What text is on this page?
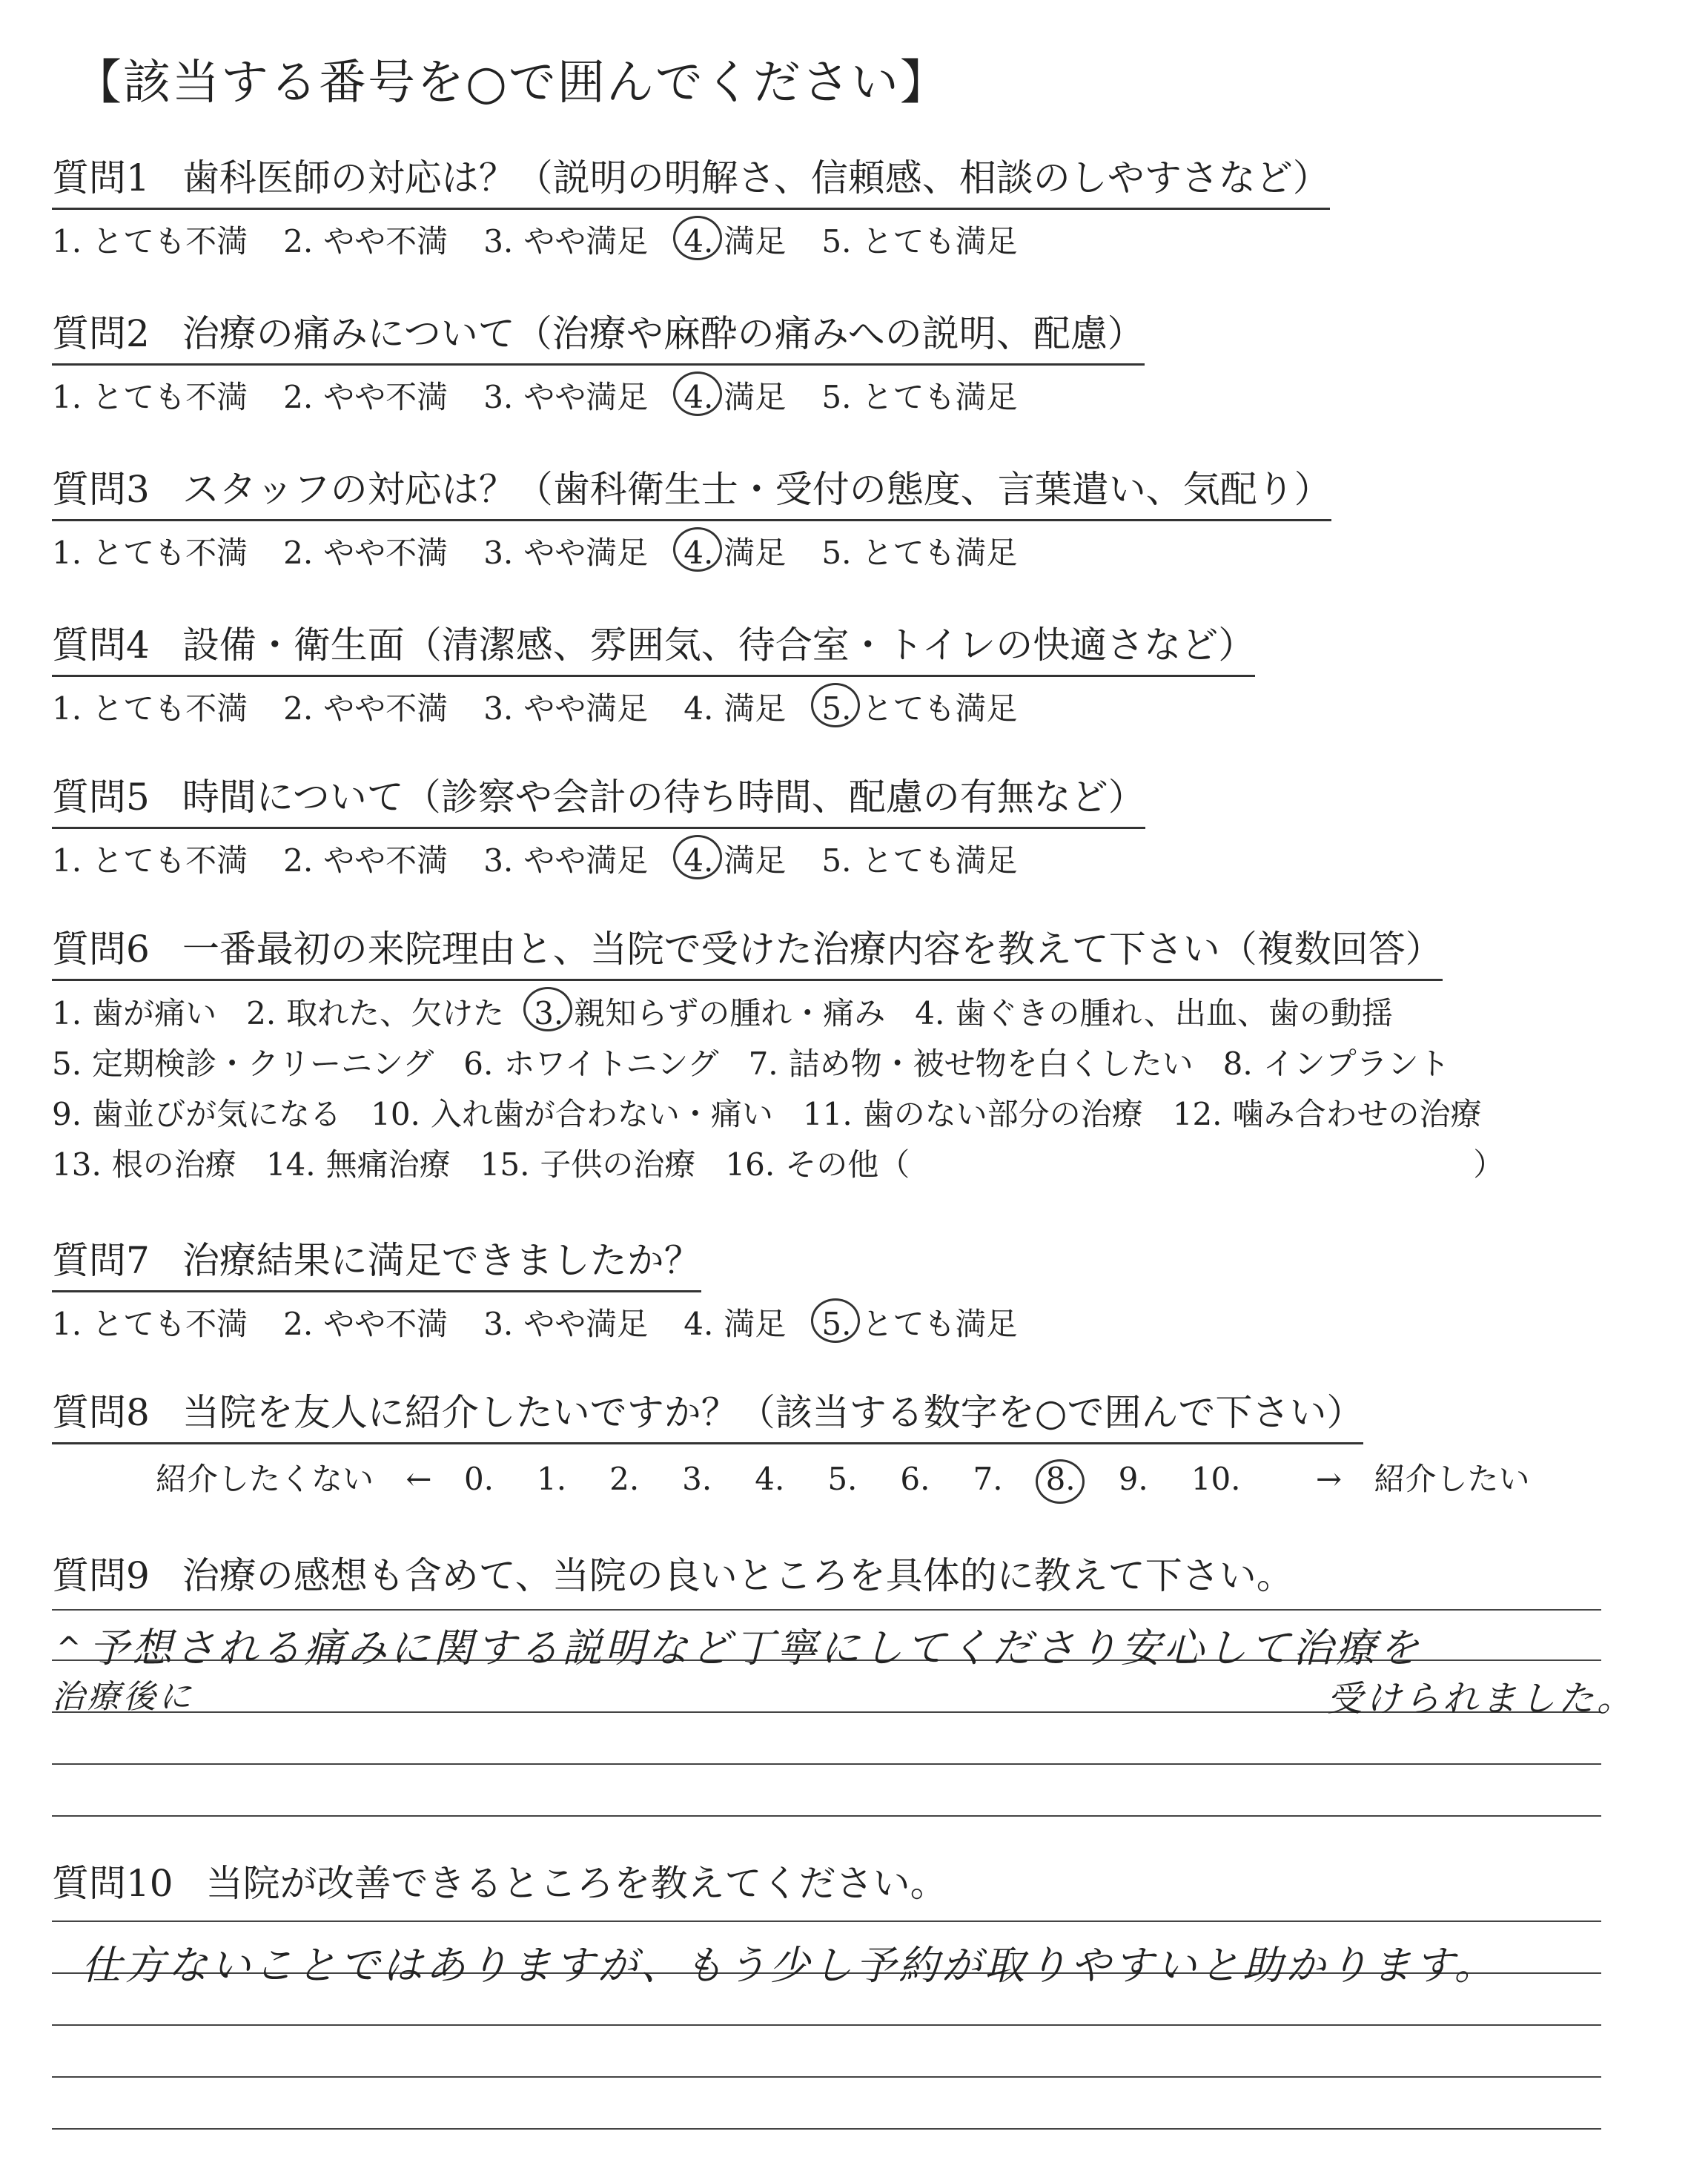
【該当する番号を○で囲んでください】
質問1 歯科医師の対応は？（説明の明解さ、信頼感、相談のしやすさなど）
1. とても不満 2. やや不満 3. やや満足 4. 満足 5. とても満足
質問2 治療の痛みについて（治療や麻酔の痛みへの説明、配慮）
1. とても不満 2. やや不満 3. やや満足 4. 満足 5. とても満足
質問3 スタッフの対応は？（歯科衛生士・受付の態度、言葉遣い、気配り）
1. とても不満 2. やや不満 3. やや満足 4. 満足 5. とても満足
質問4 設備・衛生面（清潔感、雰囲気、待合室・トイレの快適さなど）
1. とても不満 2. やや不満 3. やや満足 4. 満足 5. とても満足
質問5 時間について（診察や会計の待ち時間、配慮の有無など）
1. とても不満 2. やや不満 3. やや満足 4. 満足 5. とても満足
質問6 一番最初の来院理由と、当院で受けた治療内容を教えて下さい（複数回答）
1. 歯が痛い 2. 取れた、欠けた 3. 親知らずの腫れ・痛み 4. 歯ぐきの腫れ、出血、歯の動揺
5. 定期検診・クリーニング 6. ホワイトニング 7. 詰め物・被せ物を白くしたい 8. インプラント
9. 歯並びが気になる 10. 入れ歯が合わない・痛い 11. 歯のない部分の治療 12. 噛み合わせの治療
13. 根の治療 14. 無痛治療 15. 子供の治療 16. その他（	）
質問7 治療結果に満足できましたか？
1. とても不満 2. やや不満 3. やや満足 4. 満足 5. とても満足
質問8 当院を友人に紹介したいですか？（該当する数字を○で囲んで下さい）
紹介したくない ← 0. 1. 2. 3. 4. 5. 6. 7. 8. 9. 10. → 紹介したい
質問9 治療の感想も含めて、当院の良いところを具体的に教えて下さい。
^ 予想される痛みに関する説明など丁寧にしてくださり安心して治療を
治療後に	受けられました。
質問10 当院が改善できるところを教えてください。
仕方ないことではありますが、もう少し予約が取りやすいと助かります。
